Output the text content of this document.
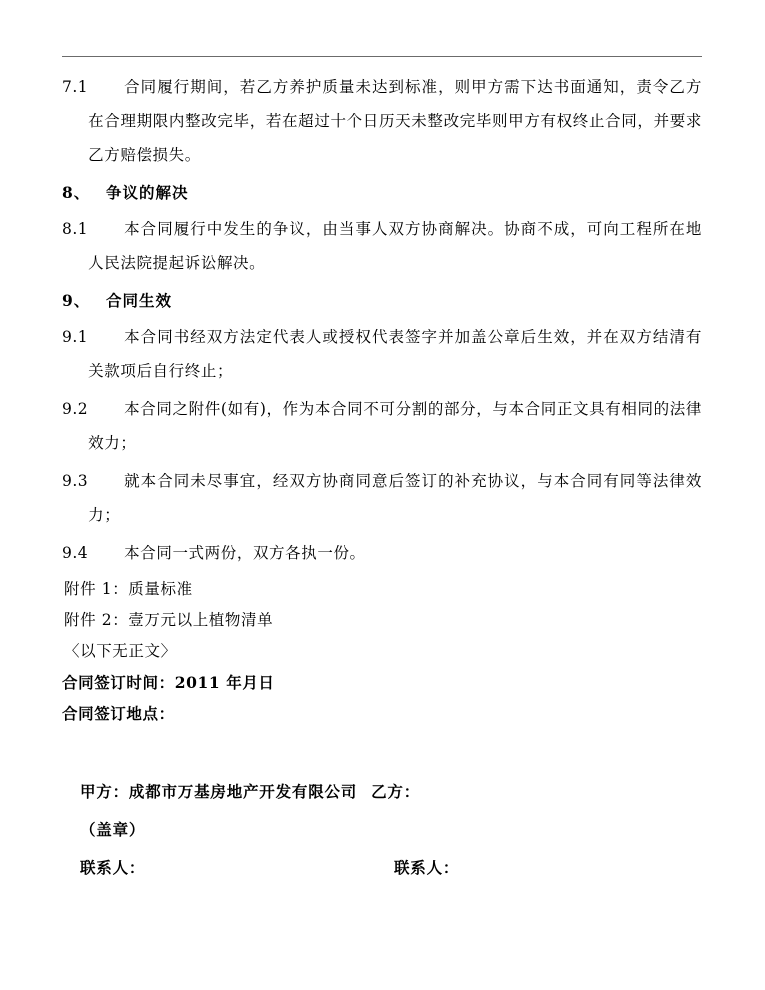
7.1	合同履行期间，若乙方养护质量未达到标准，则甲方需下达书面通知，责令乙方在合理期限内整改完毕，若在超过十个日历天未整改完毕则甲方有权终止合同，并要求乙方赔偿损失。
8、 争议的解决
8.1	本合同履行中发生的争议，由当事人双方协商解决。协商不成，可向工程所在地人民法院提起诉讼解决。
9、 合同生效
9.1	本合同书经双方法定代表人或授权代表签字并加盖公章后生效，并在双方结清有关款项后自行终止；
9.2	本合同之附件(如有)，作为本合同不可分割的部分，与本合同正文具有相同的法律效力；
9.3	就本合同未尽事宜，经双方协商同意后签订的补充协议，与本合同有同等法律效力；
9.4	本合同一式两份，双方各执一份。
附件 1：质量标准
附件 2：壹万元以上植物清单
〈以下无正文〉
合同签订时间：2011 年月日
合同签订地点：
甲方：成都市万基房地产开发有限公司 乙方：
（盖章）
联系人：	联系人：
